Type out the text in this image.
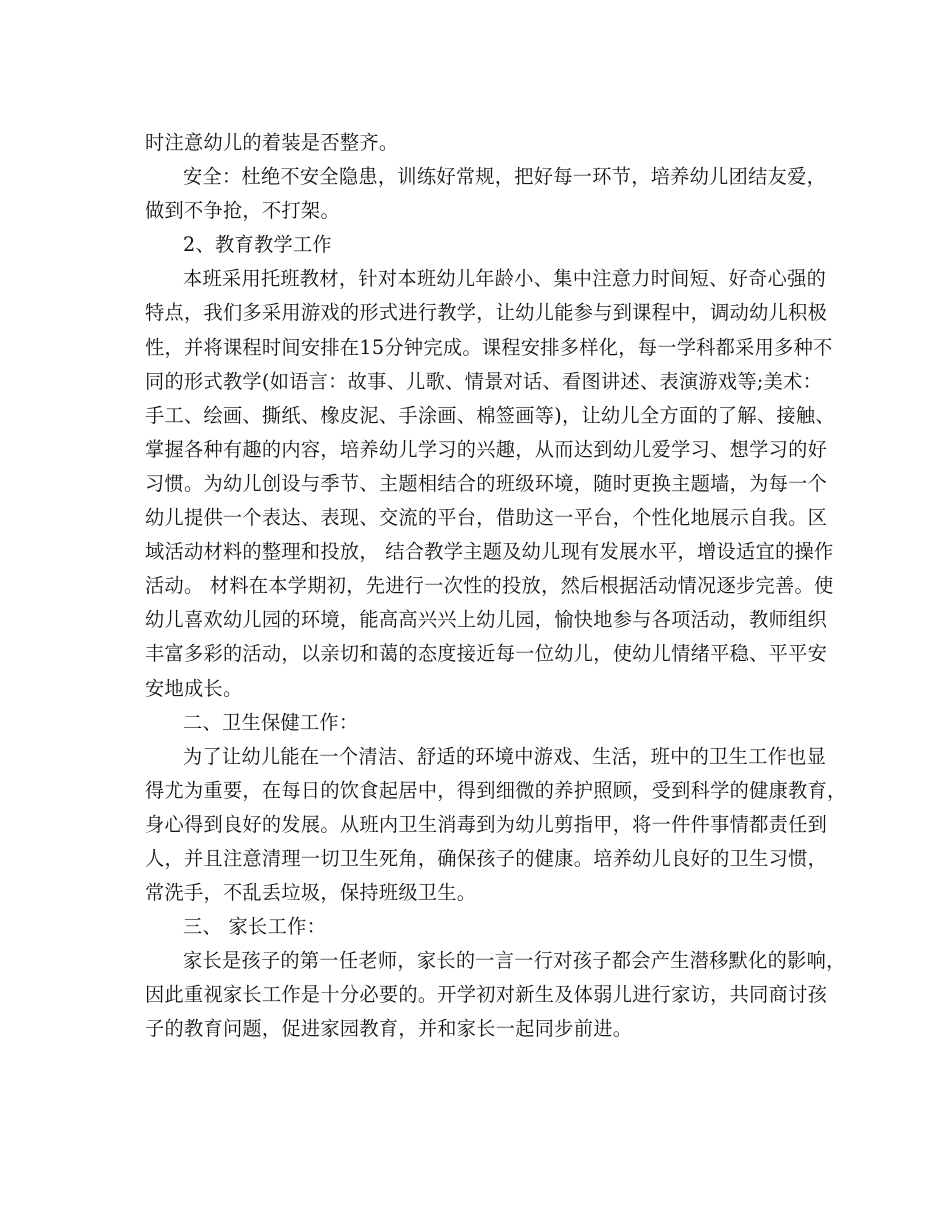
时注意幼儿的着装是否整齐。
安全：杜绝不安全隐患，训练好常规，把好每一环节，培养幼儿团结友爱，
做到不争抢，不打架。
2、教育教学工作
本班采用托班教材，针对本班幼儿年龄小、集中注意力时间短、好奇心强的
特点，我们多采用游戏的形式进行教学，让幼儿能参与到课程中，调动幼儿积极
性，并将课程时间安排在15分钟完成。课程安排多样化，每一学科都采用多种不
同的形式教学(如语言：故事、儿歌、情景对话、看图讲述、表演游戏等;美术：
手工、绘画、撕纸、橡皮泥、手涂画、棉签画等)，让幼儿全方面的了解、接触、
掌握各种有趣的内容，培养幼儿学习的兴趣，从而达到幼儿爱学习、想学习的好
习惯。为幼儿创设与季节、主题相结合的班级环境，随时更换主题墙，为每一个
幼儿提供一个表达、表现、交流的平台，借助这一平台，个性化地展示自我。区
域活动材料的整理和投放， 结合教学主题及幼儿现有发展水平，增设适宜的操作
活动。 材料在本学期初，先进行一次性的投放，然后根据活动情况逐步完善。使
幼儿喜欢幼儿园的环境，能高高兴兴上幼儿园，愉快地参与各项活动，教师组织
丰富多彩的活动，以亲切和蔼的态度接近每一位幼儿，使幼儿情绪平稳、平平安
安地成长。
二、卫生保健工作：
为了让幼儿能在一个清洁、舒适的环境中游戏、生活，班中的卫生工作也显
得尤为重要，在每日的饮食起居中，得到细微的养护照顾，受到科学的健康教育，
身心得到良好的发展。从班内卫生消毒到为幼儿剪指甲，将一件件事情都责任到
人，并且注意清理一切卫生死角，确保孩子的健康。培养幼儿良好的卫生习惯，
常洗手，不乱丢垃圾，保持班级卫生。
三、 家长工作：
家长是孩子的第一任老师，家长的一言一行对孩子都会产生潜移默化的影响，
因此重视家长工作是十分必要的。开学初对新生及体弱儿进行家访，共同商讨孩
子的教育问题，促进家园教育，并和家长一起同步前进。
